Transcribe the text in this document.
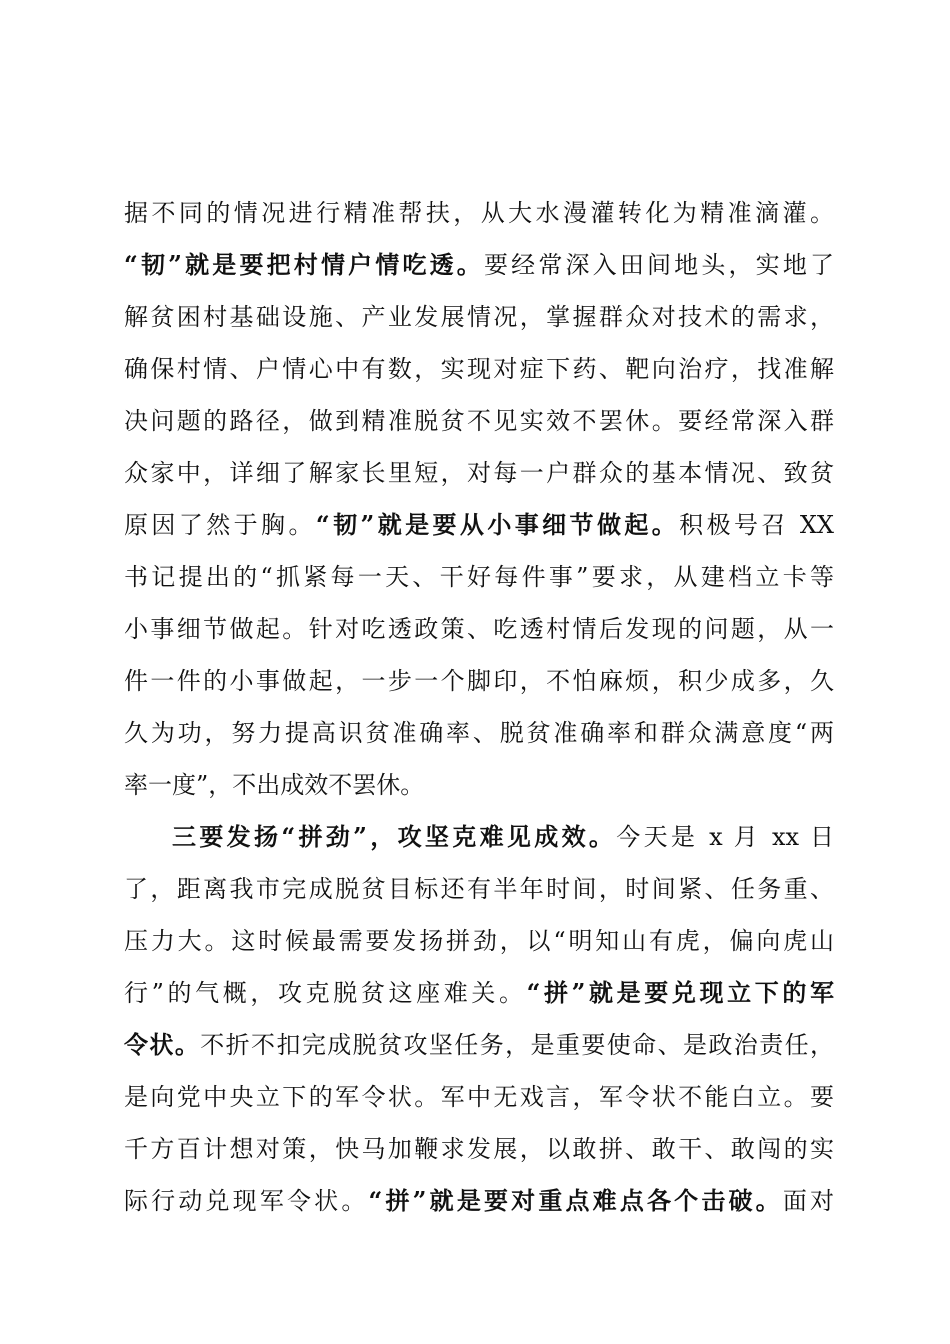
据不同的情况进行精准帮扶，从大水漫灌转化为精准滴灌。
“韧”就是要把村情户情吃透。要经常深入田间地头，实地了
解贫困村基础设施、产业发展情况，掌握群众对技术的需求，
确保村情、户情心中有数，实现对症下药、靶向治疗，找准解
决问题的路径，做到精准脱贫不见实效不罢休。要经常深入群
众家中，详细了解家长里短，对每一户群众的基本情况、致贫
原因了然于胸。“韧”就是要从小事细节做起。积极号召 XX
书记提出的“抓紧每一天、干好每件事”要求，从建档立卡等
小事细节做起。针对吃透政策、吃透村情后发现的问题，从一
件一件的小事做起，一步一个脚印，不怕麻烦，积少成多，久
久为功，努力提高识贫准确率、脱贫准确率和群众满意度“两
率一度”，不出成效不罢休。
三要发扬“拼劲”，攻坚克难见成效。今天是 x 月 xx 日
了，距离我市完成脱贫目标还有半年时间，时间紧、任务重、
压力大。这时候最需要发扬拼劲，以“明知山有虎，偏向虎山
行”的气概，攻克脱贫这座难关。“拼”就是要兑现立下的军
令状。不折不扣完成脱贫攻坚任务，是重要使命、是政治责任，
是向党中央立下的军令状。军中无戏言，军令状不能白立。要
千方百计想对策，快马加鞭求发展，以敢拼、敢干、敢闯的实
际行动兑现军令状。“拼”就是要对重点难点各个击破。面对
